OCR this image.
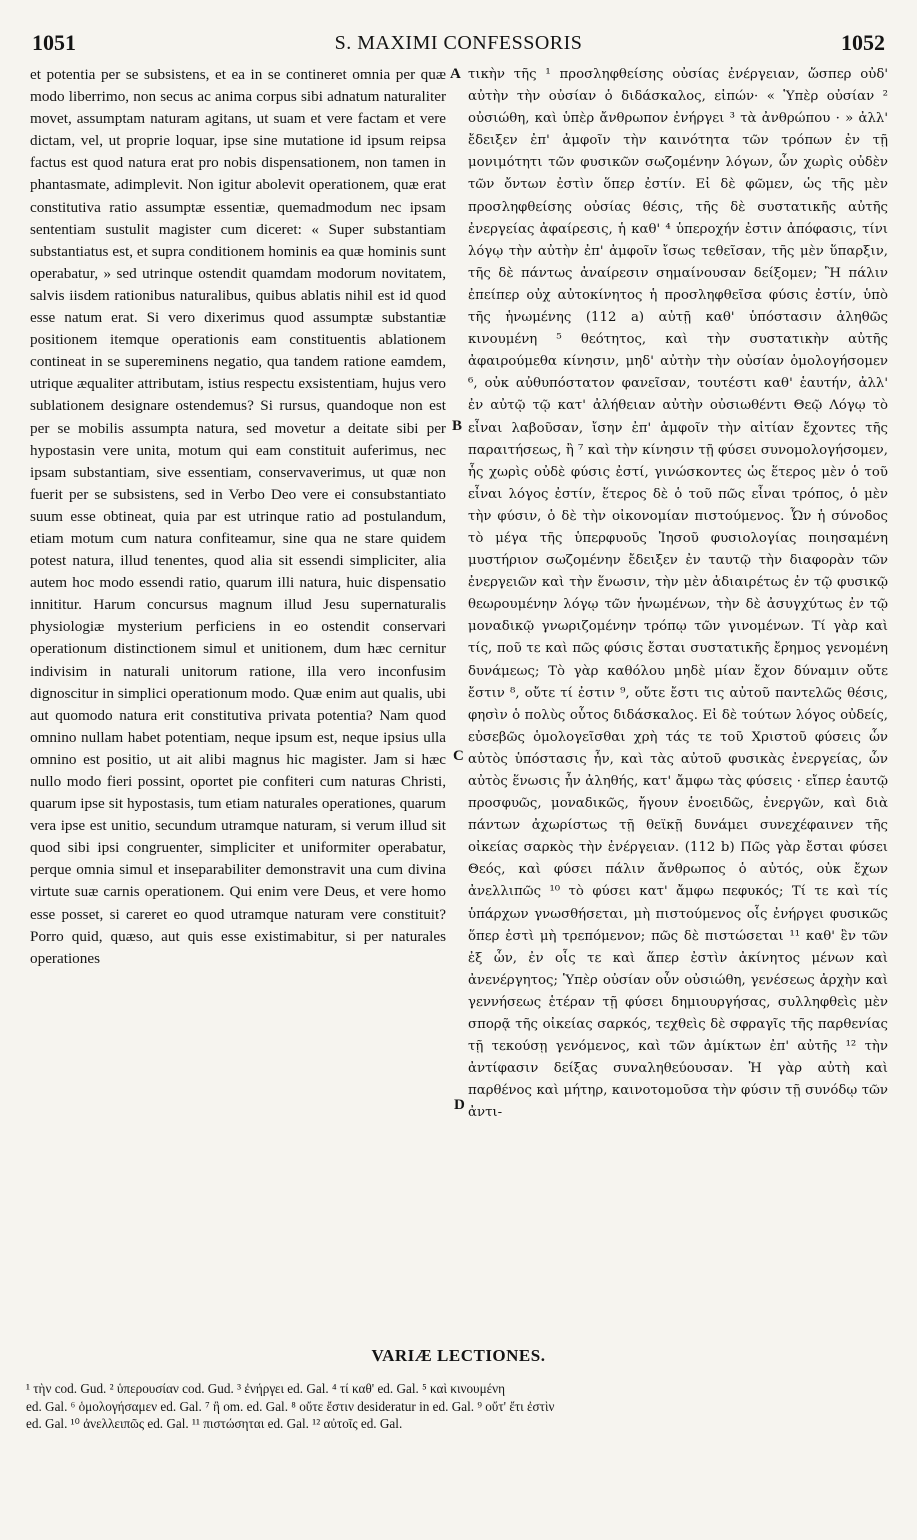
1051	S. MAXIMI CONFESSORIS	1052
et potentia per se subsistens, et ea in se contineret omnia per quæ modo liberrimo, non secus ac anima corpus sibi adnatum naturaliter movet, assumptam naturam agitans, ut suam et vere factam et vere dictam, vel, ut proprie loquar, ipse sine mutatione id ipsum reipsa factus est quod natura erat pro nobis dispensationem, non tamen in phantasmate, adimplevit. Non igitur abolevit operationem, quæ erat constitutiva ratio assumptæ essentiæ, quemadmodum nec ipsam sententiam sustulit magister cum diceret: « Super substantiam substantiatus est, et supra conditionem hominis ea quæ hominis sunt operabatur, » sed utrinque ostendit quamdam modorum novitatem, salvis iisdem rationibus naturalibus, quibus ablatis nihil est id quod esse natum erat. Si vero dixerimus quod assumptæ substantiæ positionem itemque operationis eam constituentis ablationem contineat in se supereminens negatio, qua tandem ratione eamdem, utrique æqualiter attributam, istius respectu exsistentiam, hujus vero sublationem designare ostendemus? Si rursus, quandoque non est per se mobilis assumpta natura, sed movetur a deitate sibi per hypostasin vere unita, motum qui eam constituit auferimus, nec ipsam substantiam, sive essentiam, conservaverimus, ut quæ non fuerit per se subsistens, sed in Verbo Deo vere ei consubstantiato suum esse obtineat, quia par est utrinque ratio ad postulandum, etiam motum cum natura confiteamur, sine qua ne stare quidem potest natura, illud tenentes, quod alia sit essendi simpliciter, alia autem hoc modo essendi ratio, quarum illi natura, huic dispensatio innititur. Harum concursus magnum illud Jesu supernaturalis physiologiæ mysterium perficiens in eo ostendit conservari operationum distinctionem simul et unitionem, dum hæc cernitur indivisim in naturali unitorum ratione, illa vero inconfusim dignoscitur in simplici operationum modo. Quæ enim aut qualis, ubi aut quomodo natura erit constitutiva privata potentia? Nam quod omnino nullam habet potentiam, neque ipsum est, neque ipsius ulla omnino est positio, ut ait alibi magnus hic magister. Jam si hæc nullo modo fieri possint, oportet pie confiteri cum naturas Christi, quarum ipse sit hypostasis, tum etiam naturales operationes, quarum vera ipse est unitio, secundum utramque naturam, si verum illud sit quod sibi ipsi congruenter, simpliciter et uniformiter operabatur, perque omnia simul et inseparabiliter demonstravit una cum divina virtute suæ carnis operationem. Qui enim vere Deus, et vere homo esse posset, si careret eo quod utramque naturam vere constituit? Porro quid, quæso, aut quis esse existimabitur, si per naturales operationes
A
B
C
D
τικὴν τῆς ¹ προσληφθείσης οὐσίας ἐνέργειαν, ὥσπερ οὐδ' αὐτὴν τὴν οὐσίαν ὁ διδάσκαλος, εἰπών· « Ὑπὲρ οὐσίαν ² οὐσιώθη, καὶ ὑπὲρ ἄνθρωπον ἐνήργει ³ τὰ ἀνθρώπου · » ἀλλ' ἔδειξεν ἐπ' ἀμφοῖν τὴν καινότητα τῶν τρόπων ἐν τῇ μονιμότητι τῶν φυσικῶν σωζομένην λόγων, ὧν χωρὶς οὐδὲν τῶν ὄντων ἐστὶν ὅπερ ἐστίν. Εἰ δὲ φῶμεν, ὡς τῆς μὲν προσληφθείσης οὐσίας θέσις, τῆς δὲ συστατικῆς αὐτῆς ἐνεργείας ἀφαίρεσις, ἡ καθ' ⁴ ὑπεροχήν ἐστιν ἀπόφασις, τίνι λόγῳ τὴν αὐτὴν ἐπ' ἀμφοῖν ἴσως τεθεῖσαν, τῆς μὲν ὕπαρξιν, τῆς δὲ πάντως ἀναίρεσιν σημαίνουσαν δείξομεν; Ἢ πάλιν ἐπείπερ οὐχ αὐτοκίνητος ἡ προσληφθεῖσα φύσις ἐστίν, ὑπὸ τῆς ἡνωμένης (112 a) αὐτῇ καθ' ὑπόστασιν ἀληθῶς κινουμένη ⁵ θεότητος, καὶ τὴν συστατικὴν αὐτῆς ἀφαιρούμεθα κίνησιν, μηδ' αὐτὴν τὴν οὐσίαν ὁμολογήσομεν ⁶, οὐκ αὐθυπόστατον φανεῖσαν, τουτέστι καθ' ἑαυτήν, ἀλλ' ἐν αὐτῷ τῷ κατ' ἀλήθειαν αὐτὴν οὐσιωθέντι Θεῷ Λόγῳ τὸ εἶναι λαβοῦσαν, ἴσην ἐπ' ἀμφοῖν τὴν αἰτίαν ἔχοντες τῆς παραιτήσεως, ἢ ⁷ καὶ τὴν κίνησιν τῇ φύσει συνομολογήσομεν, ἧς χωρὶς οὐδὲ φύσις ἐστί, γινώσκοντες ὡς ἕτερος μὲν ὁ τοῦ εἶναι λόγος ἐστίν, ἕτερος δὲ ὁ τοῦ πῶς εἶναι τρόπος, ὁ μὲν τὴν φύσιν, ὁ δὲ τὴν οἰκονομίαν πιστούμενος. Ὧν ἡ σύνοδος τὸ μέγα τῆς ὑπερφυοῦς Ἰησοῦ φυσιολογίας ποιησαμένη μυστήριον σωζομένην ἔδειξεν ἐν ταυτῷ τὴν διαφορὰν τῶν ἐνεργειῶν καὶ τὴν ἕνωσιν, τὴν μὲν ἀδιαιρέτως ἐν τῷ φυσικῷ θεωρουμένην λόγῳ τῶν ἡνωμένων, τὴν δὲ ἀσυγχύτως ἐν τῷ μοναδικῷ γνωριζομένην τρόπῳ τῶν γινομένων. Τί γὰρ καὶ τίς, ποῦ τε καὶ πῶς φύσις ἔσται συστατικῆς ἔρημος γενομένη δυνάμεως; Τὸ γὰρ καθόλου μηδὲ μίαν ἔχον δύναμιν οὔτε ἔστιν ⁸, οὔτε τί ἐστιν ⁹, οὔτε ἔστι τις αὐτοῦ παντελῶς θέσις, φησὶν ὁ πολὺς οὗτος διδάσκαλος. Εἰ δὲ τούτων λόγος οὐδείς, εὐσεβῶς ὁμολογεῖσθαι χρὴ τάς τε τοῦ Χριστοῦ φύσεις ὧν αὐτὸς ὑπόστασις ἦν, καὶ τὰς αὐτοῦ φυσικὰς ἐνεργείας, ὧν αὐτὸς ἕνωσις ἦν ἀληθής, κατ' ἄμφω τὰς φύσεις · εἴπερ ἑαυτῷ προσφυῶς, μοναδικῶς, ἤγουν ἑνοειδῶς, ἐνεργῶν, καὶ διὰ πάντων ἀχωρίστως τῇ θεϊκῇ δυνάμει συνεχέφαινεν τῆς οἰκείας σαρκὸς τὴν ἐνέργειαν. (112 b) Πῶς γὰρ ἔσται φύσει Θεός, καὶ φύσει πάλιν ἄνθρωπος ὁ αὐτός, οὐκ ἔχων ἀνελλιπῶς ¹⁰ τὸ φύσει κατ' ἄμφω πεφυκός; Τί τε καὶ τίς ὑπάρχων γνωσθήσεται, μὴ πιστούμενος οἷς ἐνήργει φυσικῶς ὅπερ ἐστὶ μὴ τρεπόμενον; πῶς δὲ πιστώσεται ¹¹ καθ' ἓν τῶν ἐξ ὧν, ἐν οἷς τε καὶ ἅπερ ἐστὶν ἀκίνητος μένων καὶ ἀνενέργητος; Ὑπὲρ οὐσίαν οὖν οὐσιώθη, γενέσεως ἀρχὴν καὶ γεννήσεως ἑτέραν τῇ φύσει δημιουργήσας, συλληφθεὶς μὲν σπορᾷ τῆς οἰκείας σαρκός, τεχθεὶς δὲ σφραγῖς τῆς παρθενίας τῇ τεκούσῃ γενόμενος, καὶ τῶν ἀμίκτων ἐπ' αὐτῆς ¹² τὴν ἀντίφασιν δείξας συναληθεύουσαν. Ἡ γὰρ αὐτὴ καὶ παρθένος καὶ μήτηρ, καινοτομοῦσα τὴν φύσιν τῇ συνόδῳ τῶν ἀντι-
VARIÆ LECTIONES.
¹ τὴν cod. Gud. ² ὑπερουσίαν cod. Gud. ³ ἐνήργει ed. Gal. ⁴ τί καθ' ed. Gal. ⁵ καὶ κινουμένη
ed. Gal. ⁶ ὁμολογήσαμεν ed. Gal. ⁷ ἢ om. ed. Gal. ⁸ οὔτε ἔστιν desideratur in ed. Gal. ⁹ οὔτ' ἔτι ἐστὶν
ed. Gal. ¹⁰ ἀνελλειπῶς ed. Gal. ¹¹ πιστώσηται ed. Gal. ¹² αὐτοῖς ed. Gal.
